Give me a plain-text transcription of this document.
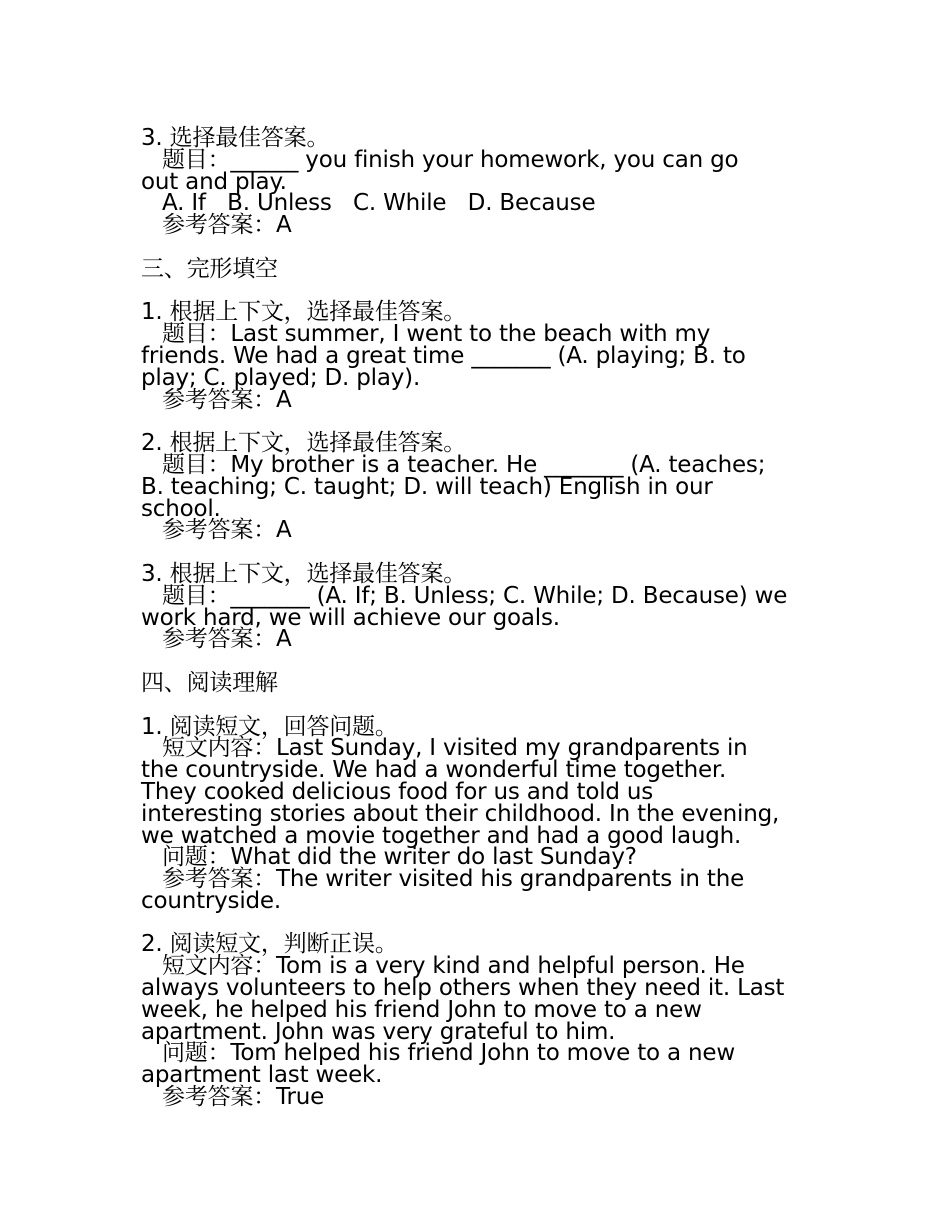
3. 选择最佳答案。
题目：______ you finish your homework, you can go
out and play.
A. If   B. Unless   C. While   D. Because
参考答案：A
三、完形填空
1. 根据上下文，选择最佳答案。
题目：Last summer, I went to the beach with my
friends. We had a great time _______ (A. playing; B. to
play; C. played; D. play).
参考答案：A
2. 根据上下文，选择最佳答案。
题目：My brother is a teacher. He _______ (A. teaches;
B. teaching; C. taught; D. will teach) English in our
school.
参考答案：A
3. 根据上下文，选择最佳答案。
题目：_______ (A. If; B. Unless; C. While; D. Because) we
work hard, we will achieve our goals.
参考答案：A
四、阅读理解
1. 阅读短文，回答问题。
短文内容：Last Sunday, I visited my grandparents in
the countryside. We had a wonderful time together.
They cooked delicious food for us and told us
interesting stories about their childhood. In the evening,
we watched a movie together and had a good laugh.
问题：What did the writer do last Sunday?
参考答案：The writer visited his grandparents in the
countryside.
2. 阅读短文，判断正误。
短文内容：Tom is a very kind and helpful person. He
always volunteers to help others when they need it. Last
week, he helped his friend John to move to a new
apartment. John was very grateful to him.
问题：Tom helped his friend John to move to a new
apartment last week.
参考答案：True
